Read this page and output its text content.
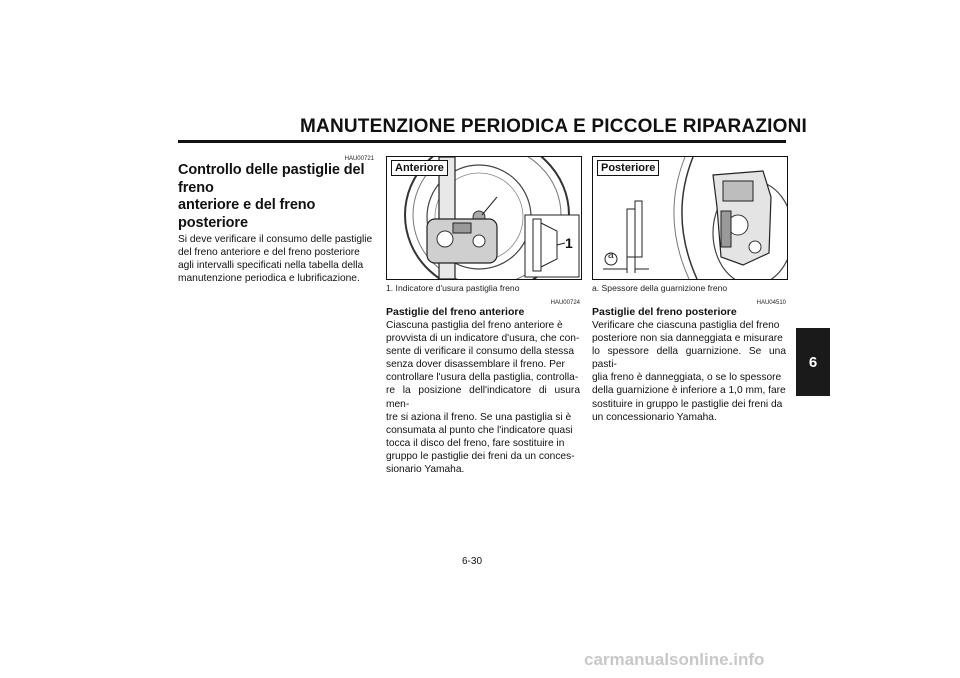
MANUTENZIONE PERIODICA E PICCOLE RIPARAZIONI
6
HAU00721
Controllo delle pastiglie del freno
anteriore e del freno posteriore
Si deve verificare il consumo delle pastiglie
del freno anteriore e del freno posteriore
agli intervalli specificati nella tabella della
manutenzione periodica e lubrificazione.
Anteriore
1
1. Indicatore d'usura pastiglia freno
HAU00724
Pastiglie del freno anteriore
Ciascuna pastiglia del freno anteriore è
provvista di un indicatore d'usura, che con-
sente di verificare il consumo della stessa
senza dover disassemblare il freno. Per
controllare l'usura della pastiglia, controlla-
re la posizione dell'indicatore di usura men-
tre si aziona il freno. Se una pastiglia si è
consumata al punto che l'indicatore quasi
tocca il disco del freno, fare sostituire in
gruppo le pastiglie dei freni da un conces-
sionario Yamaha.
Posteriore
a
a. Spessore della guarnizione freno
HAU04510
Pastiglie del freno posteriore
Verificare che ciascuna pastiglia del freno
posteriore non sia danneggiata e misurare
lo spessore della guarnizione. Se una pasti-
glia freno è danneggiata, o se lo spessore
della guarnizione è inferiore a 1,0 mm, fare
sostituire in gruppo le pastiglie dei freni da
un concessionario Yamaha.
6-30
carmanualsonline.info
